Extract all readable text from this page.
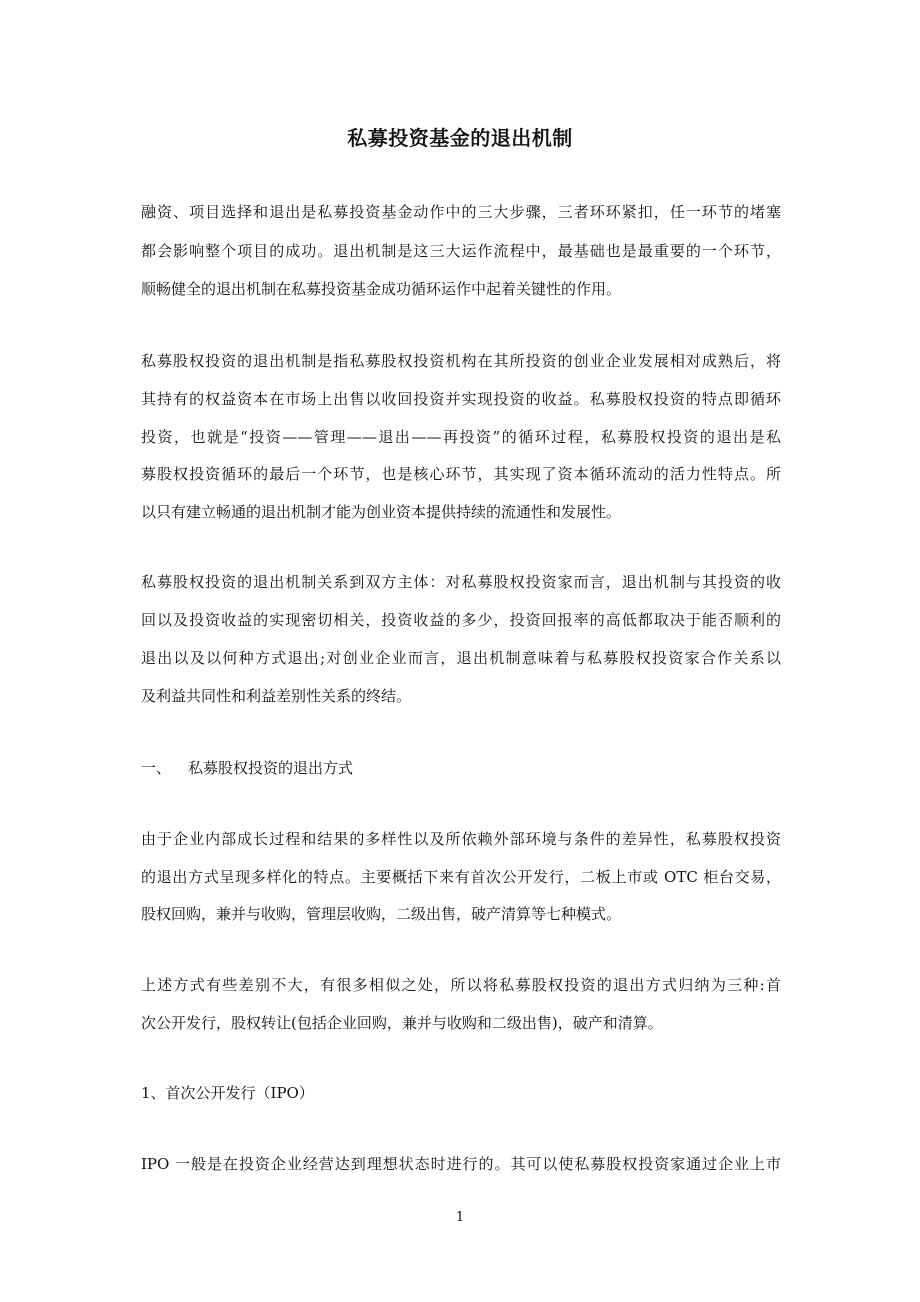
私募投资基金的退出机制
融资、项目选择和退出是私募投资基金动作中的三大步骤，三者环环紧扣，任一环节的堵塞
都会影响整个项目的成功。退出机制是这三大运作流程中，最基础也是最重要的一个环节，
顺畅健全的退出机制在私募投资基金成功循环运作中起着关键性的作用。
私募股权投资的退出机制是指私募股权投资机构在其所投资的创业企业发展相对成熟后，将
其持有的权益资本在市场上出售以收回投资并实现投资的收益。私募股权投资的特点即循环
投资，也就是“投资——管理——退出——再投资”的循环过程，私募股权投资的退出是私
募股权投资循环的最后一个环节，也是核心环节，其实现了资本循环流动的活力性特点。所
以只有建立畅通的退出机制才能为创业资本提供持续的流通性和发展性。
私募股权投资的退出机制关系到双方主体：对私募股权投资家而言，退出机制与其投资的收
回以及投资收益的实现密切相关，投资收益的多少，投资回报率的高低都取决于能否顺利的
退出以及以何种方式退出;对创业企业而言，退出机制意味着与私募股权投资家合作关系以
及利益共同性和利益差别性关系的终结。
一、 私募股权投资的退出方式
由于企业内部成长过程和结果的多样性以及所依赖外部环境与条件的差异性，私募股权投资
的退出方式呈现多样化的特点。主要概括下来有首次公开发行，二板上市或 OTC 柜台交易，
股权回购，兼并与收购，管理层收购，二级出售，破产清算等七种模式。
上述方式有些差别不大，有很多相似之处，所以将私募股权投资的退出方式归纳为三种:首
次公开发行，股权转让(包括企业回购，兼并与收购和二级出售)，破产和清算。
1、首次公开发行（IPO）
IPO 一般是在投资企业经营达到理想状态时进行的。其可以使私募股权投资家通过企业上市
1
